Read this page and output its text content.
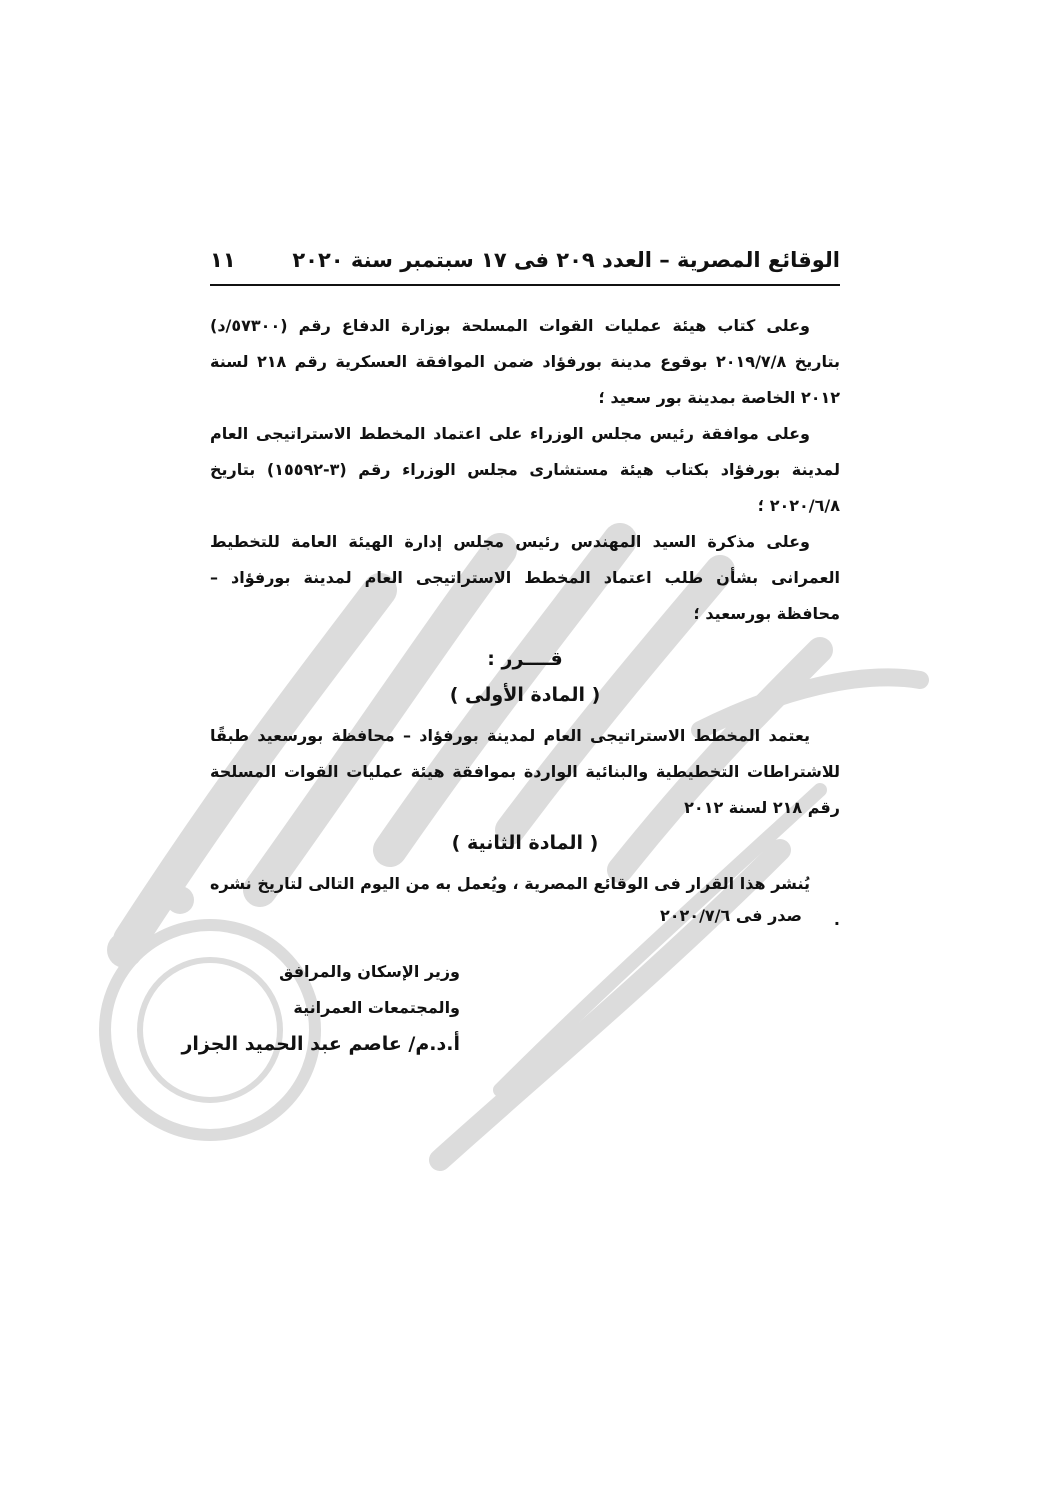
الوقائع المصرية – العدد ٢٠٩ فى ١٧ سبتمبر سنة ٢٠٢٠
١١

وعلى كتاب هيئة عمليات القوات المسلحة بوزارة الدفاع رقم (٥٧٣٠٠/د) بتاريخ ٢٠١٩/٧/٨ بوقوع مدينة بورفؤاد ضمن الموافقة العسكرية رقم ٢١٨ لسنة ٢٠١٢ الخاصة بمدينة بور سعيد ؛

وعلى موافقة رئيس مجلس الوزراء على اعتماد المخطط الاستراتيجى العام لمدينة بورفؤاد بكتاب هيئة مستشارى مجلس الوزراء رقم (٣-١٥٥٩٢) بتاريخ ٢٠٢٠/٦/٨ ؛

وعلى مذكرة السيد المهندس رئيس مجلس إدارة الهيئة العامة للتخطيط العمرانى بشأن طلب اعتماد المخطط الاستراتيجى العام لمدينة بورفؤاد – محافظة بورسعيد ؛

قــــرر :
( المادة الأولى )

يعتمد المخطط الاستراتيجى العام لمدينة بورفؤاد – محافظة بورسعيد طبقًا للاشتراطات التخطيطية والبنائية الواردة بموافقة هيئة عمليات القوات المسلحة رقم ٢١٨ لسنة ٢٠١٢

( المادة الثانية )

يُنشر هذا القرار فى الوقائع المصرية ، ويُعمل به من اليوم التالى لتاريخ نشره .

صدر فى ٢٠٢٠/٧/٦
وزير الإسكان والمرافق
والمجتمعات العمرانية
أ.د.م/ عاصم عبد الحميد الجزار
